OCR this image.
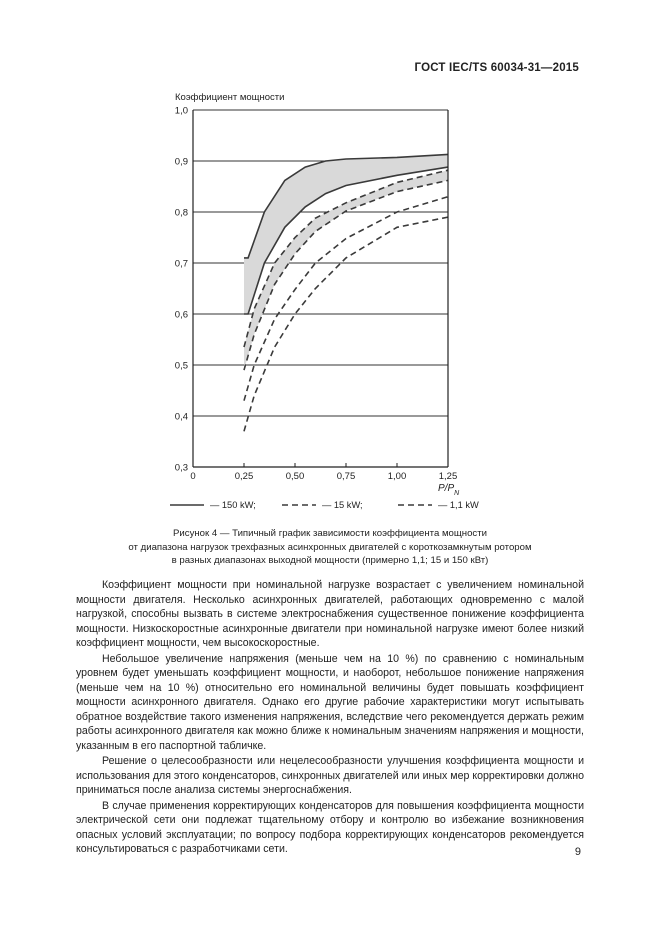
ГОСТ IEC/TS 60034-31—2015
Коэффициент мощности
0,3
0,4
0,5
0,6
0,7
0,8
0,9
1,0
0	0,25	0,50	0,75	1,00	1,25
$P/P_N$
— 150 kW;	— 15 kW;	— 1,1 kW
Рисунок 4 — Типичный график зависимости коэффициента мощности
от диапазона нагрузок трехфазных асинхронных двигателей с короткозамкнутым ротором
в разных диапазонах выходной мощности (примерно 1,1; 15 и 150 кВт)

Коэффициент мощности при номинальной нагрузке возрастает с увеличением номинальной мощности двигателя. Несколько асинхронных двигателей, работающих одновременно с малой нагрузкой, способны вызвать в системе электроснабжения существенное понижение коэффициента мощности. Низкоскоростные асинхронные двигатели при номинальной нагрузке имеют более низкий коэффициент мощности, чем высокоскоростные.

Небольшое увеличение напряжения (меньше чем на 10 %) по сравнению с номинальным уровнем будет уменьшать коэффициент мощности, и наоборот, небольшое понижение напряжения (меньше чем на 10 %) относительно его номинальной величины будет повышать коэффициент мощности асинхронного двигателя. Однако его другие рабочие характеристики могут испытывать обратное воздействие такого изменения напряжения, вследствие чего рекомендуется держать режим работы асинхронного двигателя как можно ближе к номинальным значениям напряжения и мощности, указанным в его паспортной табличке.

Решение о целесообразности или нецелесообразности улучшения коэффициента мощности и использования для этого конденсаторов, синхронных двигателей или иных мер корректировки должно приниматься после анализа системы энергоснабжения.

В случае применения корректирующих конденсаторов для повышения коэффициента мощности электрической сети они подлежат тщательному отбору и контролю во избежание возникновения опасных условий эксплуатации; по вопросу подбора корректирующих конденсаторов рекомендуется консультироваться с разработчиками сети.	9
